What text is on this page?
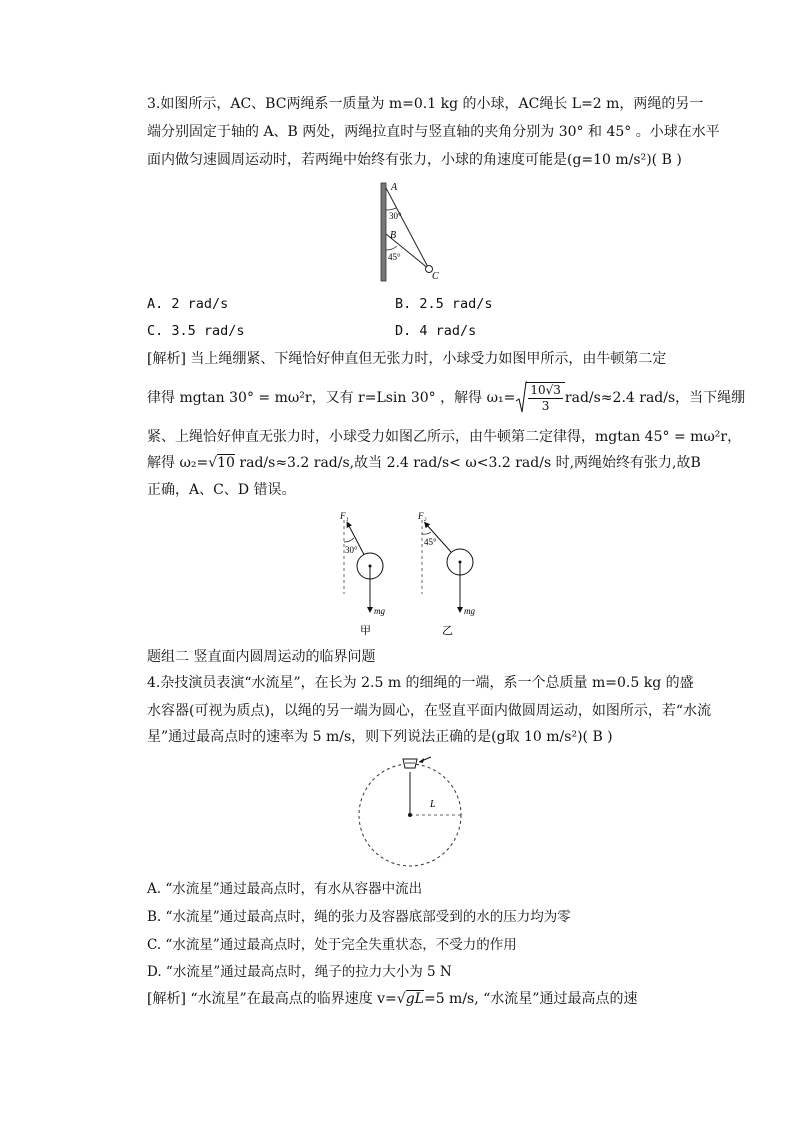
3.如图所示，AC、BC两绳系一质量为 m=0.1 kg 的小球，AC绳长 L=2 m，两绳的另一
端分别固定于轴的 A、B 两处，两绳拉直时与竖直轴的夹角分别为 30° 和 45° 。小球在水平
面内做匀速圆周运动时，若两绳中始终有张力，小球的角速度可能是(g=10 m/s²)( B )
A
B
C
30°
45°
A. 2 rad/s	B. 2.5 rad/s
C. 3.5 rad/s	D. 4 rad/s
[解析] 当上绳绷紧、下绳恰好伸直但无张力时，小球受力如图甲所示，由牛顿第二定
律得 mgtan 30° = mω²r，又有 r=Lsin 30° ，解得 $\omega_1= \frac{10√3}{3} rad/s\approx 2.4$ rad/s，当下绳绷
紧、上绳恰好伸直无张力时，小球受力如图乙所示，由牛顿第二定律得，mgtan 45° = mω²r，
解得 ω₂=√10 rad/s≈3.2 rad/s,故当 2.4 rad/s< ω<3.2 rad/s 时,两绳始终有张力,故B
正确，A、C、D 错误。
F₁
30°
mg
甲
F₂
45°
mg
乙
题组二 竖直面内圆周运动的临界问题
4.杂技演员表演“水流星”，在长为 2.5 m 的细绳的一端，系一个总质量 m=0.5 kg 的盛
水容器(可视为质点)，以绳的另一端为圆心，在竖直平面内做圆周运动，如图所示，若“水流
星”通过最高点时的速率为 5 m/s，则下列说法正确的是(g取 10 m/s²)( B )
L
A. “水流星”通过最高点时，有水从容器中流出
B. “水流星”通过最高点时，绳的张力及容器底部受到的水的压力均为零
C. “水流星”通过最高点时，处于完全失重状态，不受力的作用
D. “水流星”通过最高点时，绳子的拉力大小为 5 N
[解析] “水流星”在最高点的临界速度 v=√gL=5 m/s, “水流星”通过最高点的速
